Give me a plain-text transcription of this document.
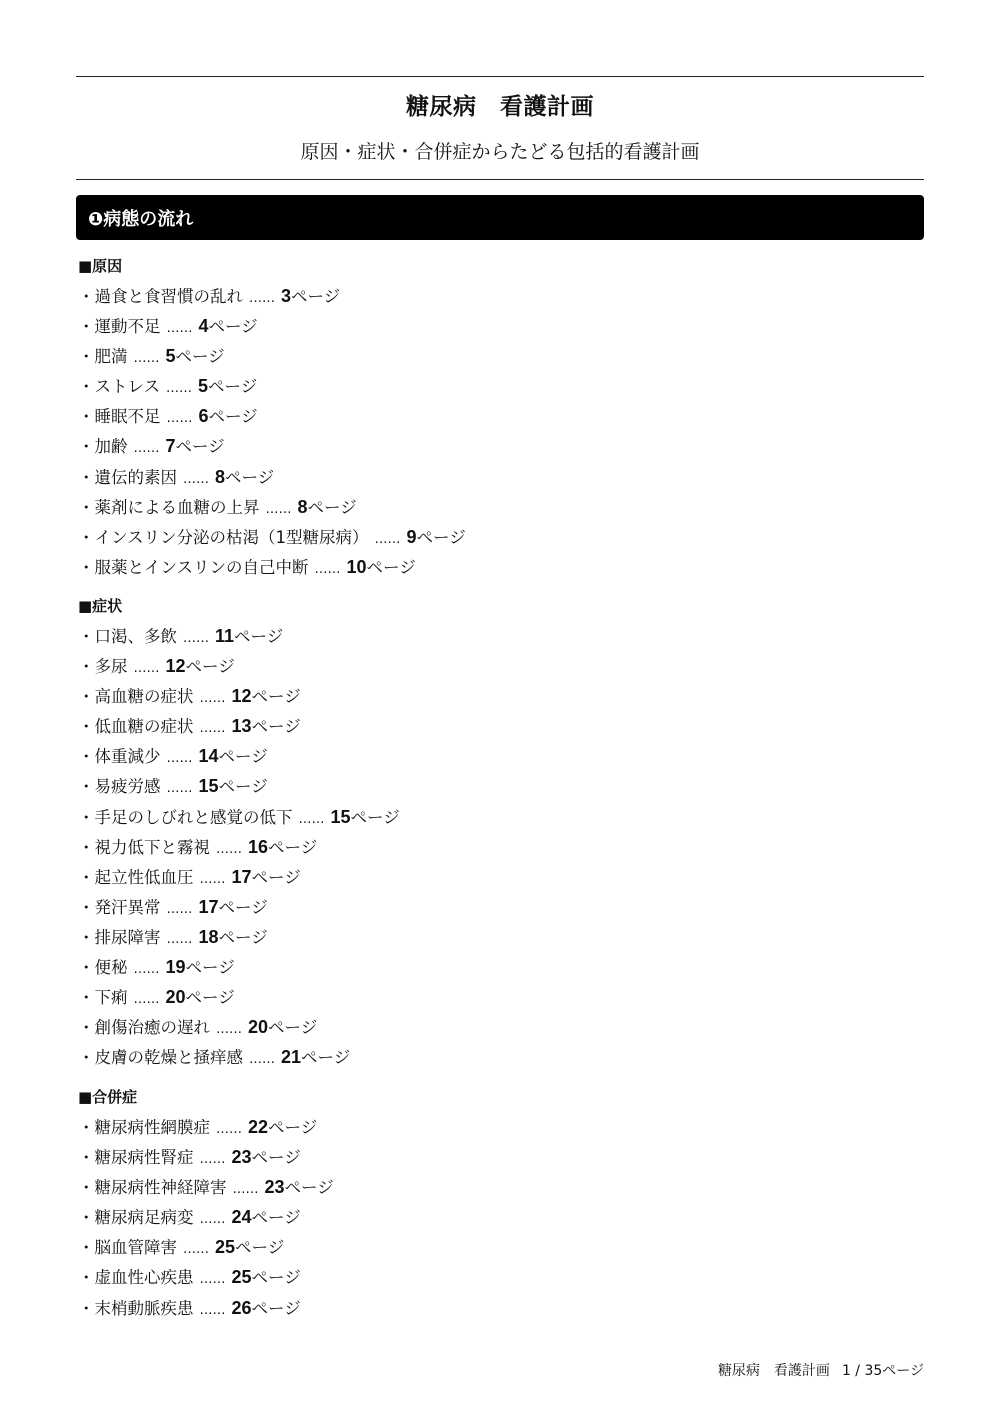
糖尿病　看護計画
原因・症状・合併症からたどる包括的看護計画
❶病態の流れ
■原因
・過食と食習慣の乱れ …… 3ページ
・運動不足 …… 4ページ
・肥満 …… 5ページ
・ストレス …… 5ページ
・睡眠不足 …… 6ページ
・加齢 …… 7ページ
・遺伝的素因 …… 8ページ
・薬剤による血糖の上昇 …… 8ページ
・インスリン分泌の枯渇（1型糖尿病） …… 9ページ
・服薬とインスリンの自己中断 …… 10ページ
■症状
・口渇、多飲 …… 11ページ
・多尿 …… 12ページ
・高血糖の症状 …… 12ページ
・低血糖の症状 …… 13ページ
・体重減少 …… 14ページ
・易疲労感 …… 15ページ
・手足のしびれと感覚の低下 …… 15ページ
・視力低下と霧視 …… 16ページ
・起立性低血圧 …… 17ページ
・発汗異常 …… 17ページ
・排尿障害 …… 18ページ
・便秘 …… 19ページ
・下痢 …… 20ページ
・創傷治癒の遅れ …… 20ページ
・皮膚の乾燥と掻痒感 …… 21ページ
■合併症
・糖尿病性網膜症 …… 22ページ
・糖尿病性腎症 …… 23ページ
・糖尿病性神経障害 …… 23ページ
・糖尿病足病変 …… 24ページ
・脳血管障害 …… 25ページ
・虚血性心疾患 …… 25ページ
・末梢動脈疾患 …… 26ページ
糖尿病　看護計画 1 / 35ページ
